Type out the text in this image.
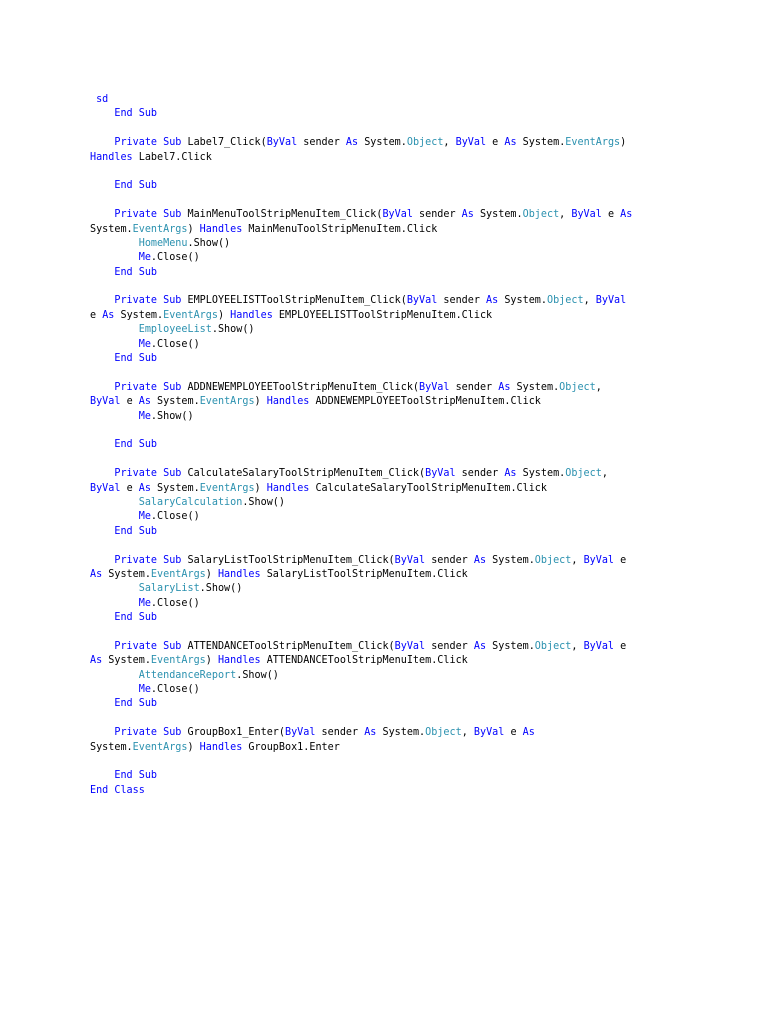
sd
End Sub
Private Sub Label7_Click(ByVal sender As System.Object, ByVal e As System.EventArgs)
Handles Label7.Click
End Sub
Private Sub MainMenuToolStripMenuItem_Click(ByVal sender As System.Object, ByVal e As
System.EventArgs) Handles MainMenuToolStripMenuItem.Click
HomeMenu.Show()
Me.Close()
End Sub
Private Sub EMPLOYEELISTToolStripMenuItem_Click(ByVal sender As System.Object, ByVal
e As System.EventArgs) Handles EMPLOYEELISTToolStripMenuItem.Click
EmployeeList.Show()
Me.Close()
End Sub
Private Sub ADDNEWEMPLOYEEToolStripMenuItem_Click(ByVal sender As System.Object,
ByVal e As System.EventArgs) Handles ADDNEWEMPLOYEEToolStripMenuItem.Click
Me.Show()
End Sub
Private Sub CalculateSalaryToolStripMenuItem_Click(ByVal sender As System.Object,
ByVal e As System.EventArgs) Handles CalculateSalaryToolStripMenuItem.Click
SalaryCalculation.Show()
Me.Close()
End Sub
Private Sub SalaryListToolStripMenuItem_Click(ByVal sender As System.Object, ByVal e
As System.EventArgs) Handles SalaryListToolStripMenuItem.Click
SalaryList.Show()
Me.Close()
End Sub
Private Sub ATTENDANCEToolStripMenuItem_Click(ByVal sender As System.Object, ByVal e
As System.EventArgs) Handles ATTENDANCEToolStripMenuItem.Click
AttendanceReport.Show()
Me.Close()
End Sub
Private Sub GroupBox1_Enter(ByVal sender As System.Object, ByVal e As
System.EventArgs) Handles GroupBox1.Enter
End Sub
End Class
